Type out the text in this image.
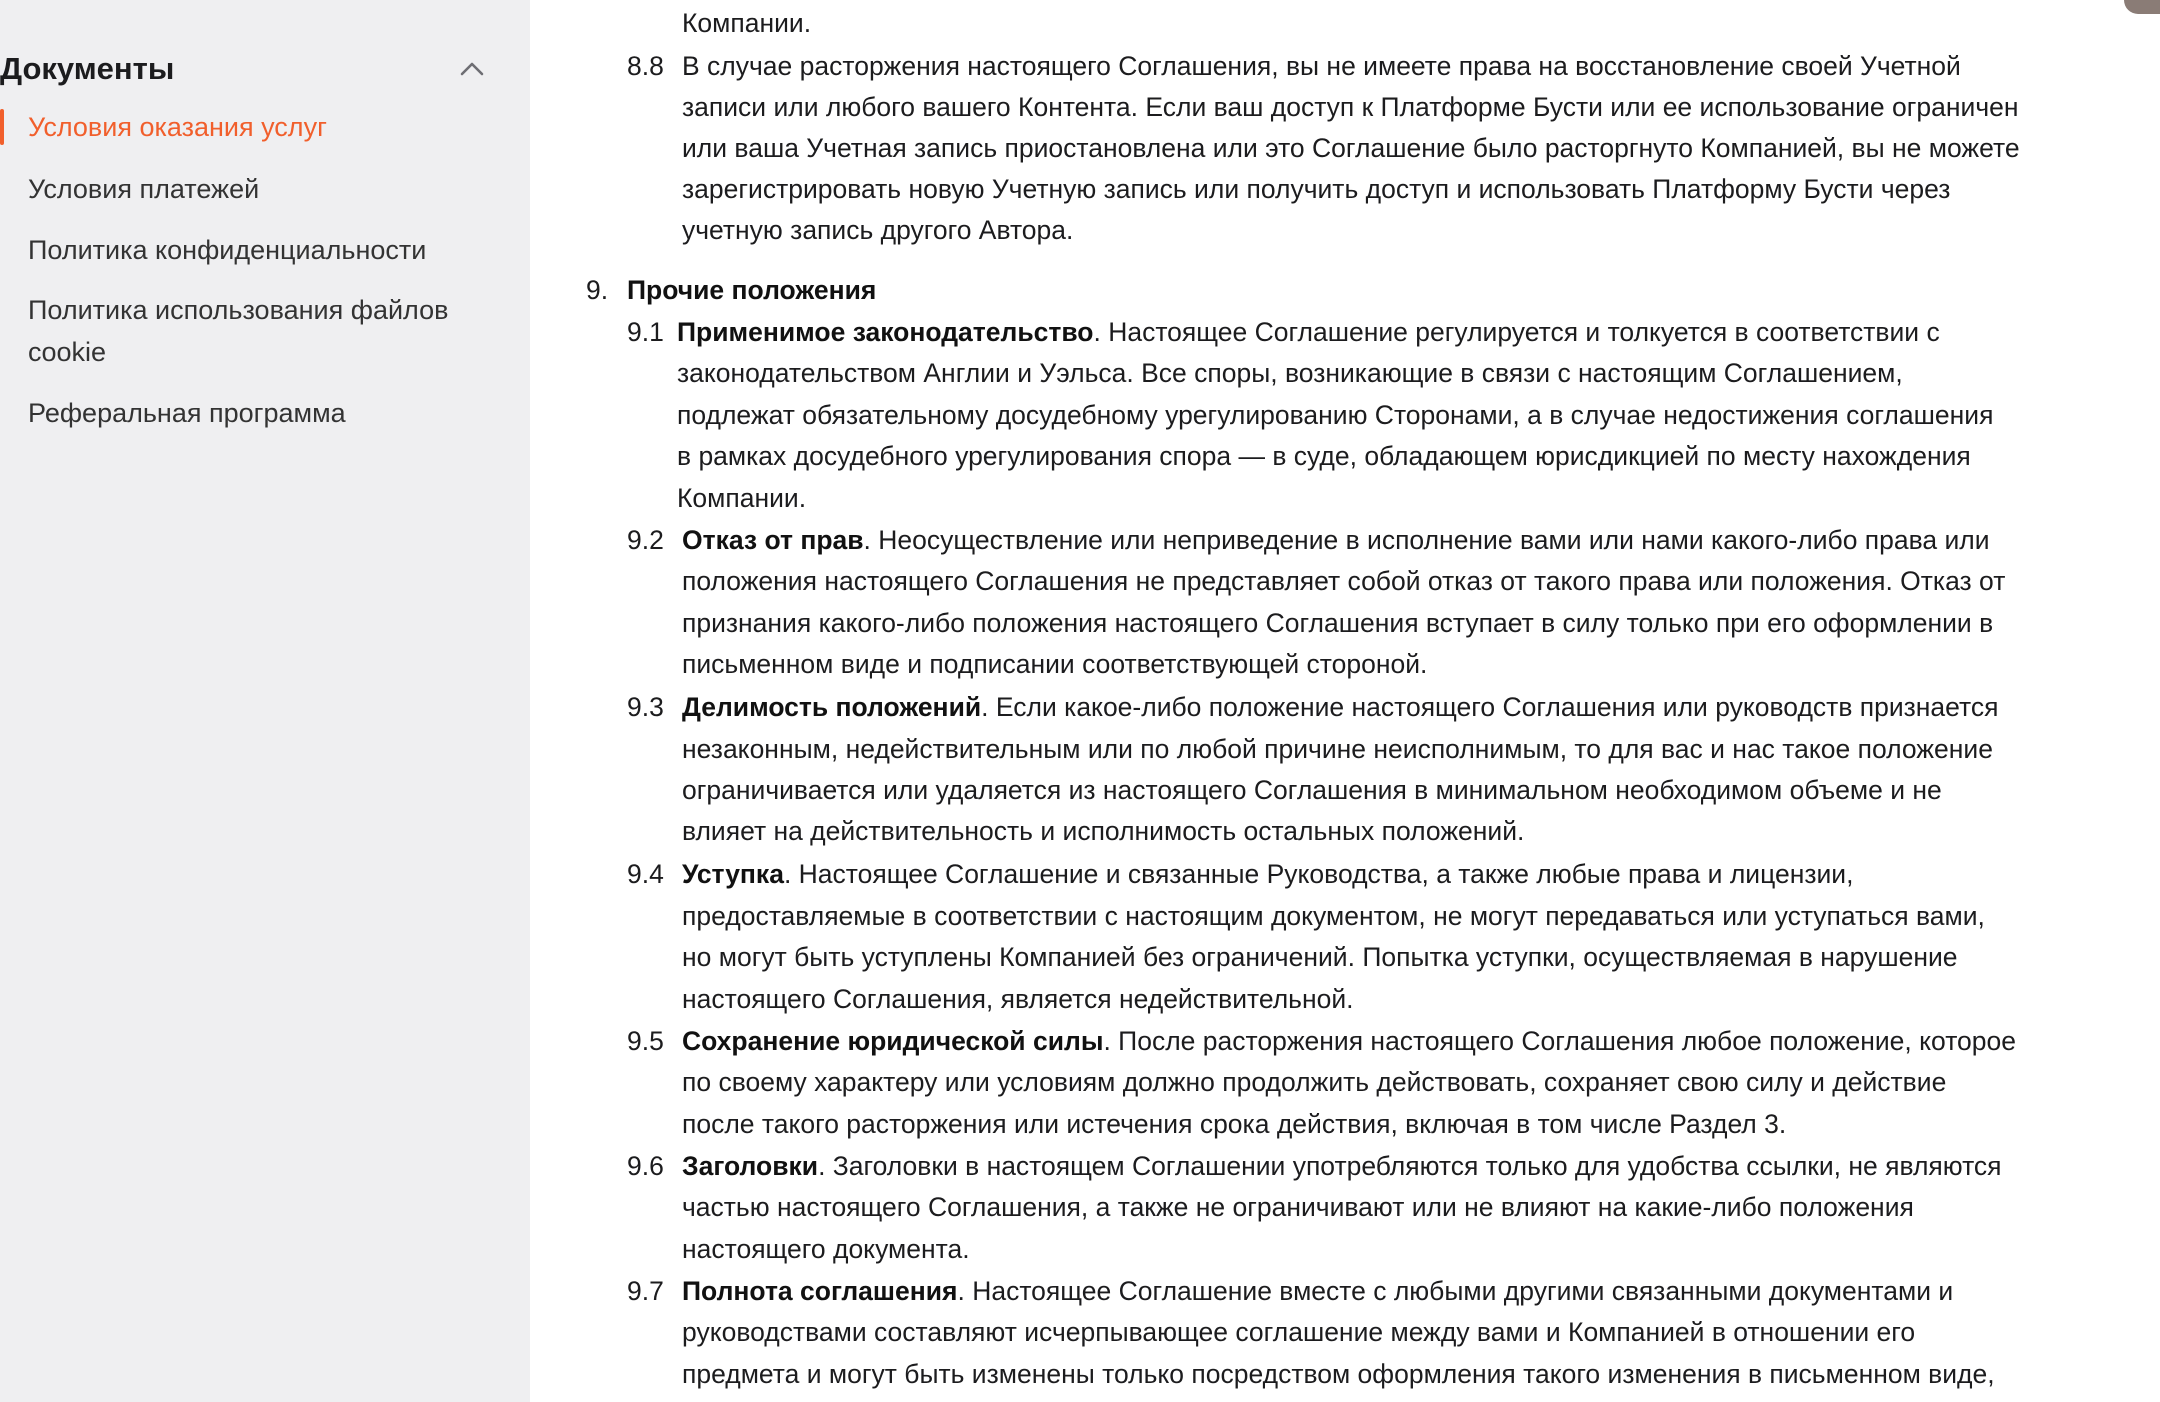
Документы
Условия оказания услуг
Условия платежей
Политика конфиденциальности
Политика использования файлов
cookie
Реферальная программа
Компании.
8.8 В случае расторжения настоящего Соглашения, вы не имеете права на восстановление своей Учетной
записи или любого вашего Контента. Если ваш доступ к Платформе Бусти или ее использование ограничен
или ваша Учетная запись приостановлена или это Соглашение было расторгнуто Компанией, вы не можете
зарегистрировать новую Учетную запись или получить доступ и использовать Платформу Бусти через
учетную запись другого Автора.
9. Прочие положения
9.1 Применимое законодательство. Настоящее Соглашение регулируется и толкуется в соответствии с
законодательством Англии и Уэльса. Все споры, возникающие в связи с настоящим Соглашением,
подлежат обязательному досудебному урегулированию Сторонами, а в случае недостижения соглашения
в рамках досудебного урегулирования спора — в суде, обладающем юрисдикцией по месту нахождения
Компании.
9.2 Отказ от прав. Неосуществление или неприведение в исполнение вами или нами какого-либо права или
положения настоящего Соглашения не представляет собой отказ от такого права или положения. Отказ от
признания какого-либо положения настоящего Соглашения вступает в силу только при его оформлении в
письменном виде и подписании соответствующей стороной.
9.3 Делимость положений. Если какое-либо положение настоящего Соглашения или руководств признается
незаконным, недействительным или по любой причине неисполнимым, то для вас и нас такое положение
ограничивается или удаляется из настоящего Соглашения в минимальном необходимом объеме и не
влияет на действительность и исполнимость остальных положений.
9.4 Уступка. Настоящее Соглашение и связанные Руководства, а также любые права и лицензии,
предоставляемые в соответствии с настоящим документом, не могут передаваться или уступаться вами,
но могут быть уступлены Компанией без ограничений. Попытка уступки, осуществляемая в нарушение
настоящего Соглашения, является недействительной.
9.5 Сохранение юридической силы. После расторжения настоящего Соглашения любое положение, которое
по своему характеру или условиям должно продолжить действовать, сохраняет свою силу и действие
после такого расторжения или истечения срока действия, включая в том числе Раздел 3.
9.6 Заголовки. Заголовки в настоящем Соглашении употребляются только для удобства ссылки, не являются
частью настоящего Соглашения, а также не ограничивают или не влияют на какие-либо положения
настоящего документа.
9.7 Полнота соглашения. Настоящее Соглашение вместе с любыми другими связанными документами и
руководствами составляют исчерпывающее соглашение между вами и Компанией в отношении его
предмета и могут быть изменены только посредством оформления такого изменения в письменном виде,
